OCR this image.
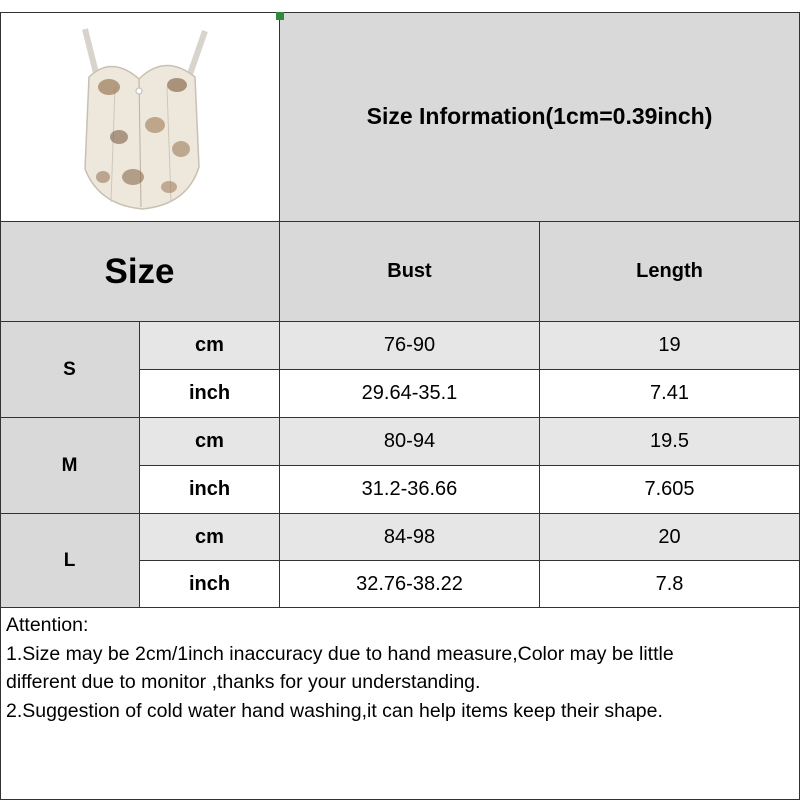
Size Information(1cm=0.39inch)
Size	Bust	Length
S
cm	76-90	19
inch	29.64-35.1	7.41
M
cm	80-94	19.5
inch	31.2-36.66	7.605
L
cm	84-98	20
inch	32.76-38.22	7.8
Attention:
1.Size may be 2cm/1inch inaccuracy due to hand measure,Color may be little
different due to monitor ,thanks for your understanding.
2.Suggestion of cold water hand washing,it can help items keep their shape.
